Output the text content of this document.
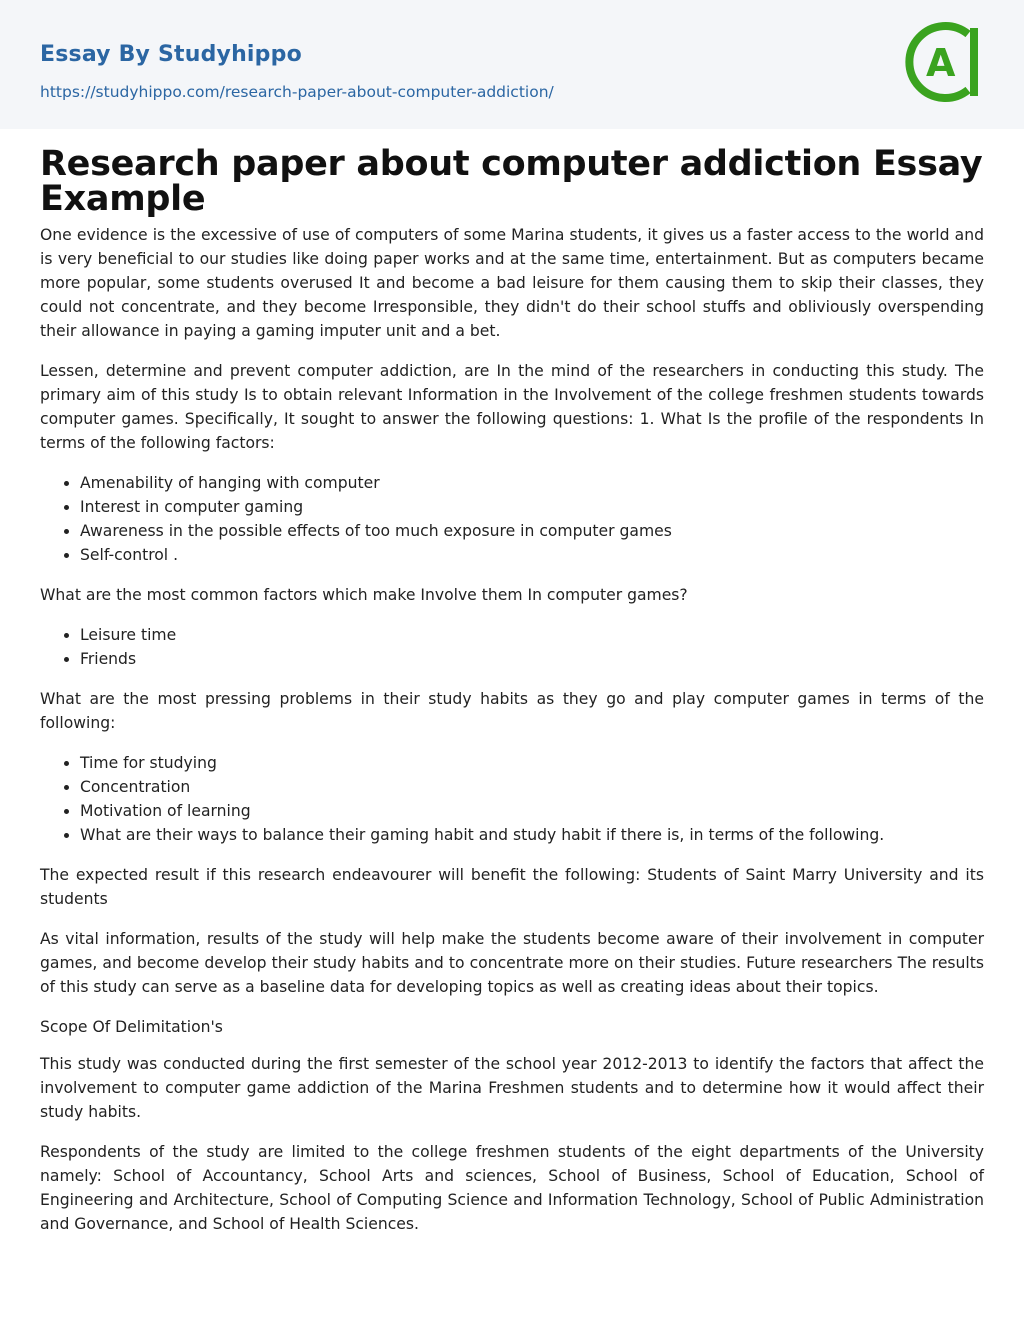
Essay By Studyhippo
https://studyhippo.com/research-paper-about-computer-addiction/
A
Research paper about computer addiction Essay Example

One evidence is the excessive of use of computers of some Marina students, it gives us a faster access to the world and is very beneficial to our studies like doing paper works and at the same time, entertainment. But as computers became more popular, some students overused It and become a bad leisure for them causing them to skip their classes, they could not concentrate, and they become Irresponsible, they didn't do their school stuffs and obliviously overspending their allowance in paying a gaming imputer unit and a bet.

Lessen, determine and prevent computer addiction, are In the mind of the researchers in conducting this study. The primary aim of this study Is to obtain relevant Information in the Involvement of the college freshmen students towards computer games. Specifically, It sought to answer the following questions: 1. What Is the profile of the respondents In terms of the following factors:

• Amenability of hanging with computer
• Interest in computer gaming
• Awareness in the possible effects of too much exposure in computer games
• Self-control .

What are the most common factors which make Involve them In computer games?

• Leisure time
• Friends

What are the most pressing problems in their study habits as they go and play computer games in terms of the following:

• Time for studying
• Concentration
• Motivation of learning
• What are their ways to balance their gaming habit and study habit if there is, in terms of the following.

The expected result if this research endeavourer will benefit the following: Students of Saint Marry University and its students

As vital information, results of the study will help make the students become aware of their involvement in computer games, and become develop their study habits and to concentrate more on their studies. Future researchers The results of this study can serve as a baseline data for developing topics as well as creating ideas about their topics.

Scope Of Delimitation's

This study was conducted during the first semester of the school year 2012-2013 to identify the factors that affect the involvement to computer game addiction of the Marina Freshmen students and to determine how it would affect their study habits.

Respondents of the study are limited to the college freshmen students of the eight departments of the University namely: School of Accountancy, School Arts and sciences, School of Business, School of Education, School of Engineering and Architecture, School of Computing Science and Information Technology, School of Public Administration and Governance, and School of Health Sciences.
